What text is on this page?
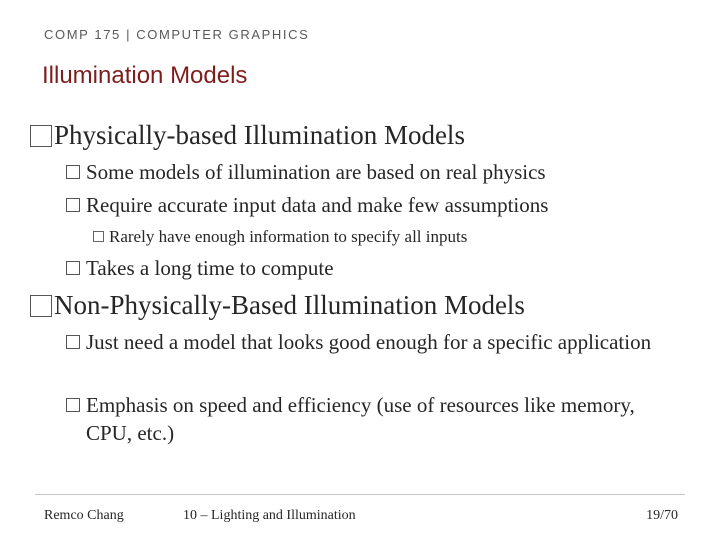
COMP 175 | COMPUTER GRAPHICS
Illumination Models
Physically-based Illumination Models
Some models of illumination are based on real physics
Require accurate input data and make few assumptions
Rarely have enough information to specify all inputs
Takes a long time to compute
Non-Physically-Based Illumination Models
Just need a model that looks good enough for a specific application
Emphasis on speed and efficiency (use of resources like memory, CPU, etc.)
Remco Chang	10 – Lighting and Illumination	19/70
